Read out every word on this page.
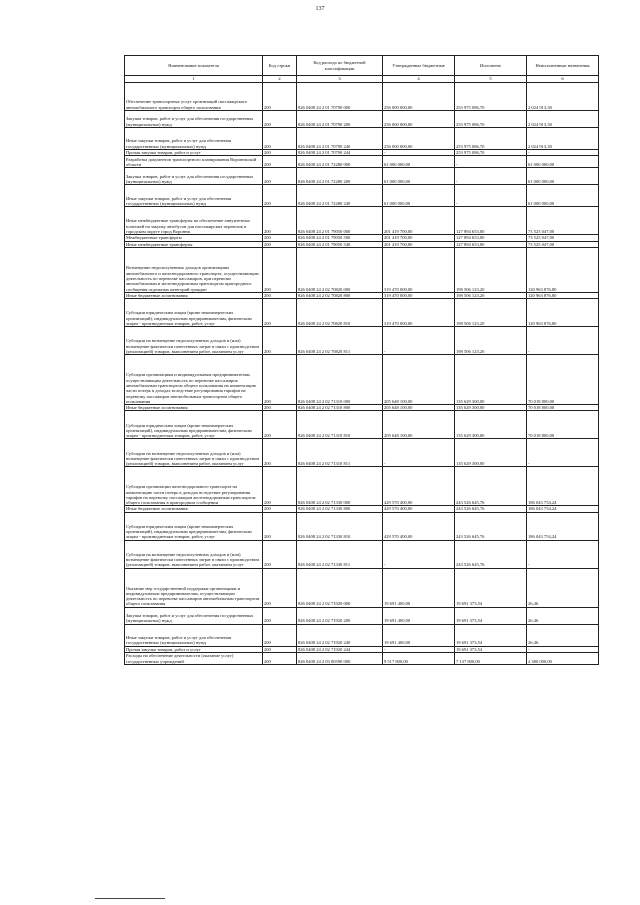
137
Наименование показателя	Код строки	Код расхода по бюджетной классификации	Утвержденные бюджетные	Исполнено	Неисполненные назначения
1	2	3	4	5	6
Обеспечение транспортных услуг организаций пассажирского автомобильного транспорта общего пользования	200	826 0408 24 2 01 70790 000	256 000 000,00	253 975 086,70	2 024 913,30
Закупка товаров, работ и услуг для обеспечения государственных (муниципальных) нужд	200	826 0408 24 2 01 70790 200	256 000 000,00	253 975 086,70	2 024 913,30
Иные закупки товаров, работ и услуг для обеспечения государственных (муниципальных) нужд	200	826 0408 24 2 01 70790 240	256 000 000,00	253 975 086,70	2 024 913,30
Прочая закупка товаров, работ и услуг	200	826 0408 24 2 01 70790 244	-	253 975 086,70	-
Разработка документов транспортного планирования Воронежской области	200	826 0408 24 2 01 72280 000	61 000 000,00	-	61 000 000,00
Закупка товаров, работ и услуг для обеспечения государственных (муниципальных) нужд	200	826 0408 24 2 01 72280 200	61 000 000,00	-	61 000 000,00
Иные закупки товаров, работ и услуг для обеспечения государственных (муниципальных) нужд	200	826 0408 24 2 01 72280 240	61 000 000,00	-	61 000 000,00
Иные межбюджетные трансферты на обеспечение аннуитетных платежей на закупку автобусов для пассажирских перевозок в городском округе город Воронеж	200	826 0408 24 2 01 79050 000	201 419 700,00	127 894 653,00	73 525 047,00
Межбюджетные трансферты	200	826 0408 24 2 01 79050 500	201 419 700,00	127 894 653,00	73 525 047,00
Иные межбюджетные трансферты	200	826 0408 24 2 01 79050 540	201 419 700,00	127 894 653,00	73 525 047,00
Возмещение недополученных доходов организациям автомобильного и железнодорожного транспорта, осуществляющим деятельность по перевозке пассажиров, при перевозке автомобильным и железнодорожным транспортом пригородного сообщения отдельных категорий граждан	200	826 0408 24 2 02 70820 000	319 470 000,00	198 506 123,20	120 963 876,80
Иные бюджетные ассигнования	200	826 0408 24 2 02 70820 800	319 470 000,00	198 506 123,20	120 963 876,80
Субсидии юридическим лицам (кроме некоммерческих организаций), индивидуальным предпринимателям, физическим лицам - производителям товаров, работ, услуг	200	826 0408 24 2 02 70820 810	319 470 000,00	198 506 123,20	120 963 876,80
Субсидии на возмещение недополученных доходов и (или) возмещение фактически понесенных затрат в связи с производством (реализацией) товаров, выполнением работ, оказанием услуг	200	826 0408 24 2 02 70820 811	-	198 506 123,20	-
Субсидии организациям и индивидуальным предпринимателям, осуществляющим деятельность по перевозке пассажиров автомобильным транспортом общего пользования на компенсацию части потерь в доходах вследствие регулирования тарифов на перевозку пассажиров автомобильным транспортом общего пользования	200	826 0408 24 2 02 71310 000	205 648 100,00	135 629 300,00	70 018 800,00
Иные бюджетные ассигнования	200	826 0408 24 2 02 71310 800	205 648 100,00	135 629 300,00	70 018 800,00
Субсидии юридическим лицам (кроме некоммерческих организаций), индивидуальным предпринимателям, физическим лицам - производителям товаров, работ, услуг	200	826 0408 24 2 02 71310 810	205 648 100,00	135 629 300,00	70 018 800,00
Субсидии на возмещение недополученных доходов и (или) возмещение фактически понесенных затрат в связи с производством (реализацией) товаров, выполнением работ, оказанием услуг	200	826 0408 24 2 02 71310 811	-	135 629 300,00	-
Субсидии организации железнодорожного транспорта на компенсацию части потерь в доходах вследствие регулирования тарифов на перевозку пассажиров железнодорожным транспортом общего пользования в пригородном сообщении	200	826 0408 24 2 02 71330 000	429 570 400,00	243 526 645,76	186 043 754,24
Иные бюджетные ассигнования	200	826 0408 24 2 02 71330 800	429 570 400,00	243 526 645,76	186 043 754,24
Субсидии юридическим лицам (кроме некоммерческих организаций), индивидуальным предпринимателям, физическим лицам - производителям товаров, работ, услуг	200	826 0408 24 2 02 71330 810	429 570 400,00	243 526 645,76	186 043 754,24
Субсидии на возмещение недополученных доходов и (или) возмещение фактически понесенных затрат в связи с производством (реализацией) товаров, выполнением работ, оказанием услуг	200	826 0408 24 2 02 71330 811	-	243 526 645,76	-
Оказание мер государственной поддержки организациям и индивидуальным предпринимателям, осуществляющим деятельность по перевозке пассажиров автомобильным транспортом общего пользования	200	826 0408 24 2 02 71920 000	19 691 400,00	19 691 373,54	26,46
Закупка товаров, работ и услуг для обеспечения государственных (муниципальных) нужд	200	826 0408 24 2 02 71920 200	19 691 400,00	19 691 373,54	26,46
Иные закупки товаров, работ и услуг для обеспечения государственных (муниципальных) нужд	200	826 0408 24 2 02 71920 240	19 691 400,00	19 691 373,54	26,46
Прочая закупка товаров, работ и услуг	200	826 0408 24 2 02 71920 244	-	19 691 373,54	-
Расходы на обеспечение деятельности (оказание услуг) государственных учреждений	200	826 0408 24 2 03 00590 000	9 517 800,00	7 137 800,00	2 380 000,00
